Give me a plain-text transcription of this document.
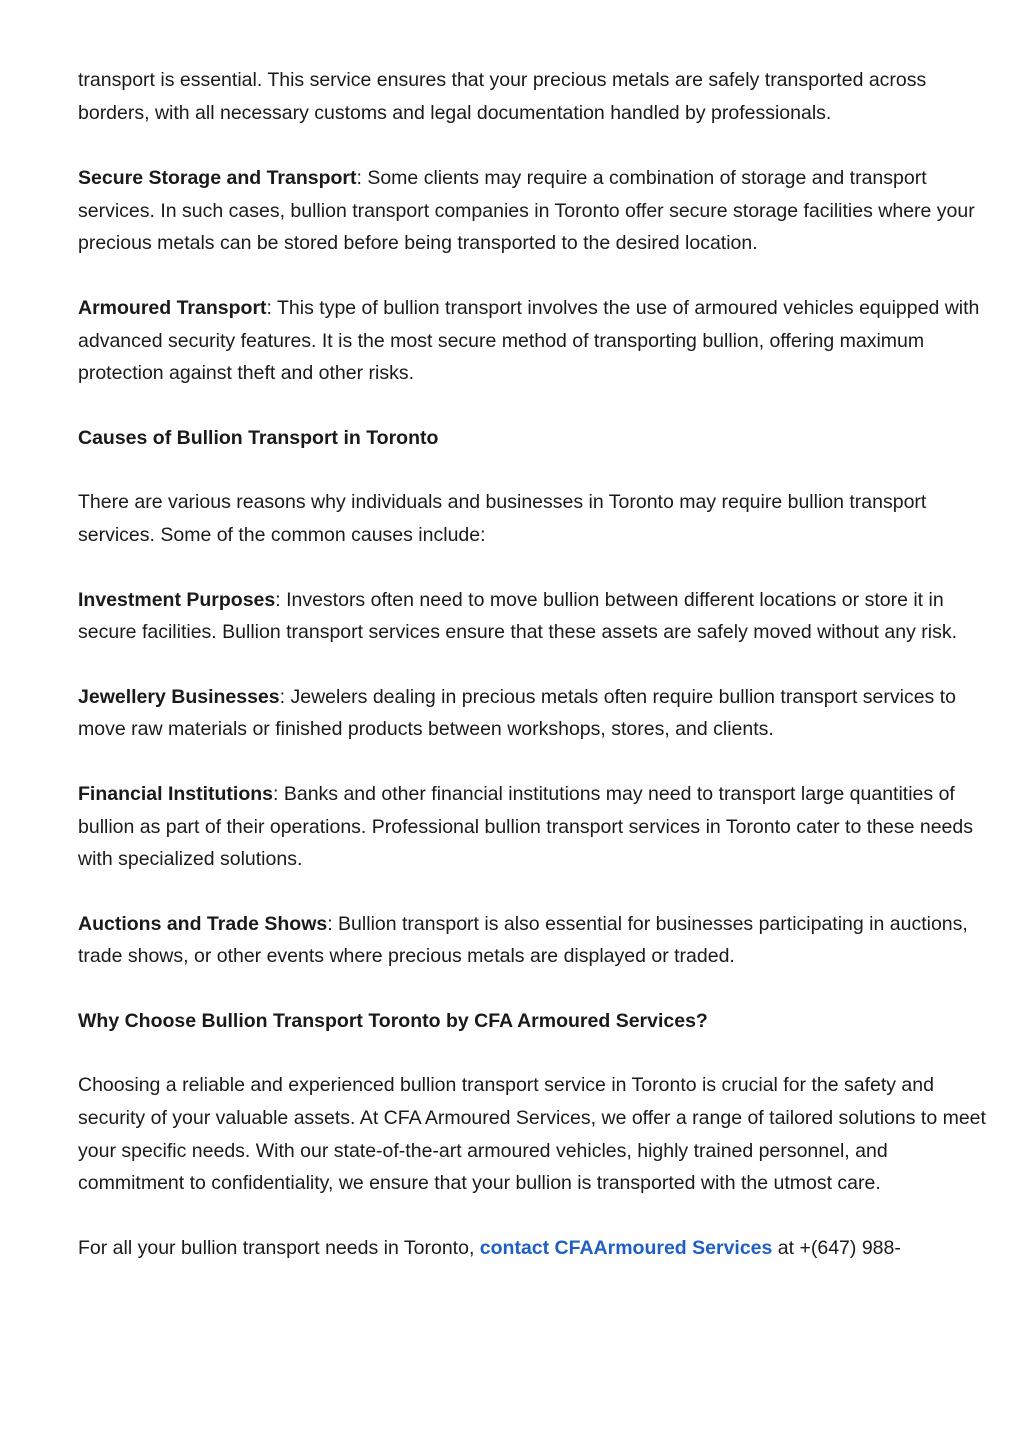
transport is essential. This service ensures that your precious metals are safely transported across borders, with all necessary customs and legal documentation handled by professionals.

Secure Storage and Transport: Some clients may require a combination of storage and transport services. In such cases, bullion transport companies in Toronto offer secure storage facilities where your precious metals can be stored before being transported to the desired location.

Armoured Transport: This type of bullion transport involves the use of armoured vehicles equipped with advanced security features. It is the most secure method of transporting bullion, offering maximum protection against theft and other risks.

Causes of Bullion Transport in Toronto

There are various reasons why individuals and businesses in Toronto may require bullion transport services. Some of the common causes include:

Investment Purposes: Investors often need to move bullion between different locations or store it in secure facilities. Bullion transport services ensure that these assets are safely moved without any risk.

Jewellery Businesses: Jewelers dealing in precious metals often require bullion transport services to move raw materials or finished products between workshops, stores, and clients.

Financial Institutions: Banks and other financial institutions may need to transport large quantities of bullion as part of their operations. Professional bullion transport services in Toronto cater to these needs with specialized solutions.

Auctions and Trade Shows: Bullion transport is also essential for businesses participating in auctions, trade shows, or other events where precious metals are displayed or traded.

Why Choose Bullion Transport Toronto by CFA Armoured Services?

Choosing a reliable and experienced bullion transport service in Toronto is crucial for the safety and security of your valuable assets. At CFA Armoured Services, we offer a range of tailored solutions to meet your specific needs. With our state-of-the-art armoured vehicles, highly trained personnel, and commitment to confidentiality, we ensure that your bullion is transported with the utmost care.

For all your bullion transport needs in Toronto, contact CFAArmoured Services at +(647) 988-
